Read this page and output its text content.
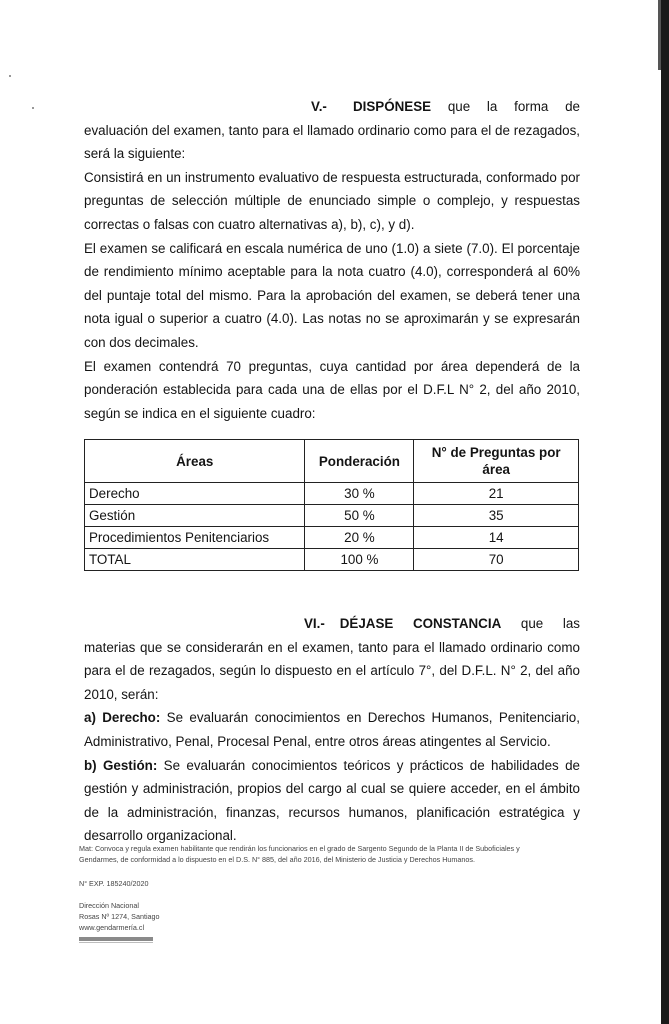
V.- DISPÓNESE que la forma de

evaluación del examen, tanto para el llamado ordinario como para el de rezagados,

será la siguiente:

Consistirá en un instrumento evaluativo de respuesta estructurada, conformado por

preguntas de selección múltiple de enunciado simple o complejo, y respuestas

correctas o falsas con cuatro alternativas a), b), c), y d).

El examen se calificará en escala numérica de uno (1.0) a siete (7.0). El porcentaje

de rendimiento mínimo aceptable para la nota cuatro (4.0), corresponderá al 60%

del puntaje total del mismo. Para la aprobación del examen, se deberá tener una

nota igual o superior a cuatro (4.0). Las notas no se aproximarán y se expresarán

con dos decimales.

El examen contendrá 70 preguntas, cuya cantidad por área dependerá de la

ponderación establecida para cada una de ellas por el D.F.L N° 2, del año 2010,

según se indica en el siguiente cuadro:

Áreas	Ponderación	N° de Preguntas por área
Derecho	30 %	21
Gestión	50 %	35
Procedimientos Penitenciarios	20 %	14
TOTAL	100 %	70
VI.- DÉJASE CONSTANCIA que las

materias que se considerarán en el examen, tanto para el llamado ordinario como

para el de rezagados, según lo dispuesto en el artículo 7°, del D.F.L. N° 2, del año

2010, serán:

a) Derecho: Se evaluarán conocimientos en Derechos Humanos, Penitenciario,

Administrativo, Penal, Procesal Penal, entre otros áreas atingentes al Servicio.

b) Gestión: Se evaluarán conocimientos teóricos y prácticos de habilidades de

gestión y administración, propios del cargo al cual se quiere acceder, en el ámbito

de la administración, finanzas, recursos humanos, planificación estratégica y

desarrollo organizacional.

Mat: Convoca y regula examen habilitante que rendirán los funcionarios en el grado de Sargento Segundo de la Planta II de Suboficiales y
Gendarmes, de conformidad a lo dispuesto en el D.S. N° 885, del año 2016, del Ministerio de Justicia y Derechos Humanos.
N° EXP. 185240/2020
Dirección Nacional
Rosas Nº 1274, Santiago
www.gendarmería.cl
